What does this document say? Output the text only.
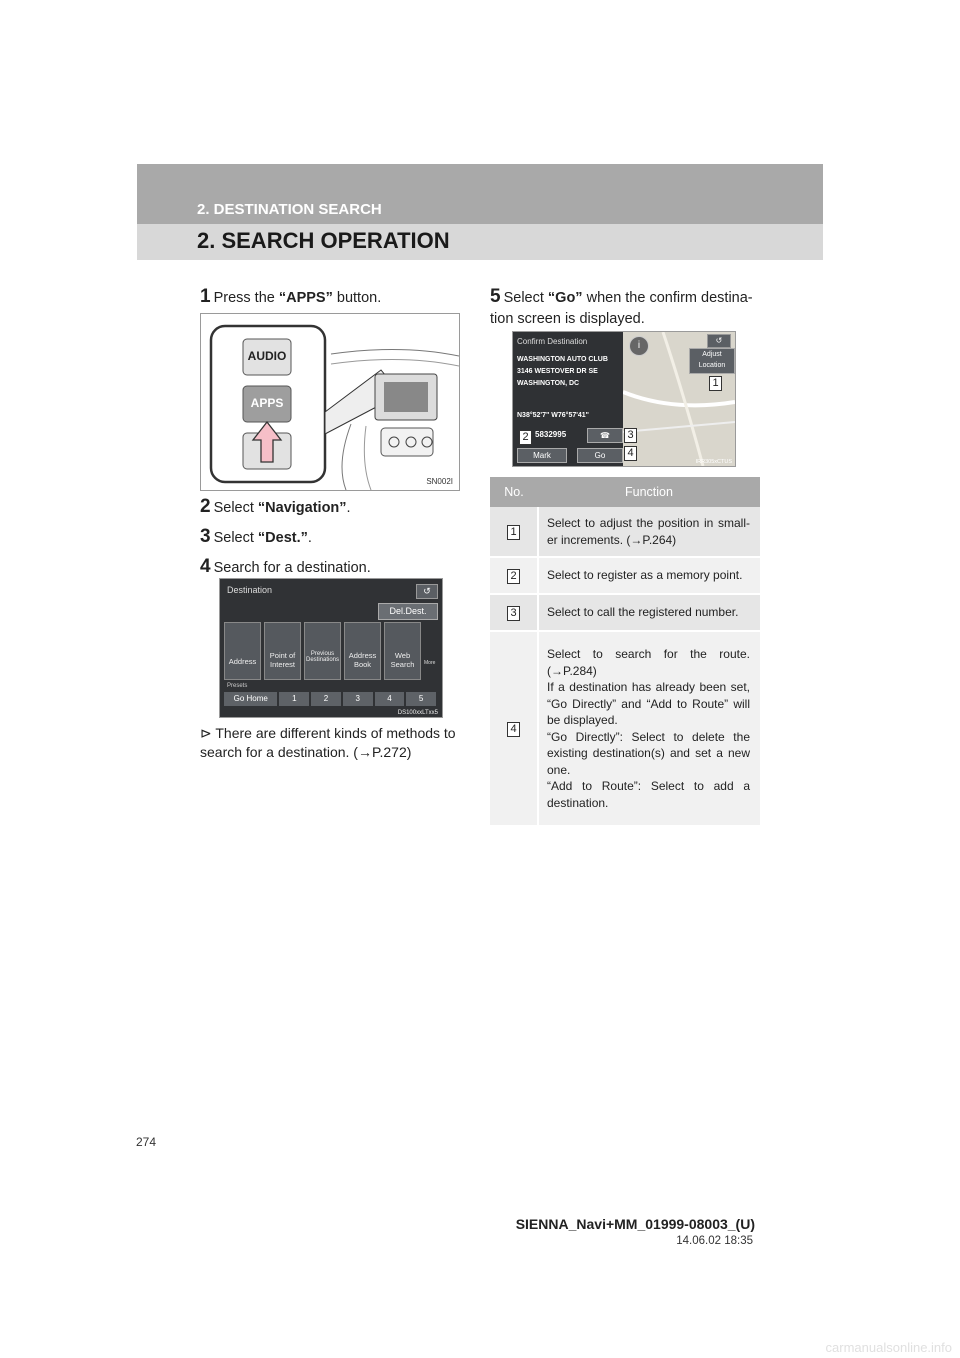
2. DESTINATION SEARCH
2. SEARCH OPERATION
1 Press the “APPS” button.
AUDIO
APPS
SN002I
2 Select “Navigation”.
3 Select “Dest.”.
4 Search for a destination.
Destination	↺
Del.Dest.
Address
Point of Interest
Previous Destinations	Address Book
Web Search	More
Presets
Go Home	1	2	3	4	5
DS100xxLTxx5
⊳ There are different kinds of methods to search for a destination. (→P.272)
5 Select “Go” when the confirm destina-tion screen is displayed.
Confirm Destination	i	↺
Adjust Location
WASHINGTON AUTO CLUB
3146 WESTOVER DR SE
WASHINGTON, DC
N38°52'7" W76°57'41"
5832995	☎
Mark	Go
1
2	3
4
IRR305xCTUS
No.	Function
1	Select to adjust the position in small-er increments. (→P.264)
2	Select to register as a memory point.
3	Select to call the registered number.
4	Select to search for the route. (→P.284)
If a destination has already been set, “Go Directly” and “Add to Route” will be displayed.
“Go Directly”: Select to delete the existing destination(s) and set a new one.
“Add to Route”: Select to add a destination.
274
SIENNA_Navi+MM_01999-08003_(U)
14.06.02 18:35
carmanualsonline.info
